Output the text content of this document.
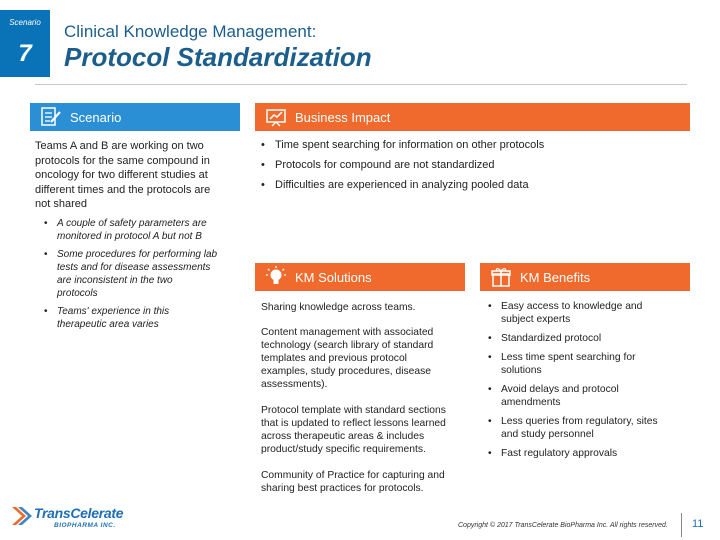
Scenario
7
Clinical Knowledge Management:
Protocol Standardization
Scenario	Business Impact
Teams A and B are working on two
protocols for the same compound in
oncology for two different studies at
different times and the protocols are
not shared
• A couple of safety parameters are
monitored in protocol A but not B
• Some procedures for performing lab
tests and for disease assessments
are inconsistent in the two
protocols
• Teams' experience in this
therapeutic area varies
• Time spent searching for information on other protocols
• Protocols for compound are not standardized
• Difficulties are experienced in analyzing pooled data
KM Solutions	KM Benefits
Sharing knowledge across teams.
Content management with associated
technology (search library of standard
templates and previous protocol
examples, study procedures, disease
assessments).
Protocol template with standard sections
that is updated to reflect lessons learned
across therapeutic areas & includes
product/study specific requirements.
Community of Practice for capturing and
sharing best practices for protocols.
• Easy access to knowledge and
subject experts
• Standardized protocol
• Less time spent searching for
solutions
• Avoid delays and protocol
amendments
• Less queries from regulatory, sites
and study personnel
• Fast regulatory approvals
TransCelerate
BIOPHARMA INC.	Copyright © 2017 TransCelerate BioPharma Inc. All rights reserved. 11
